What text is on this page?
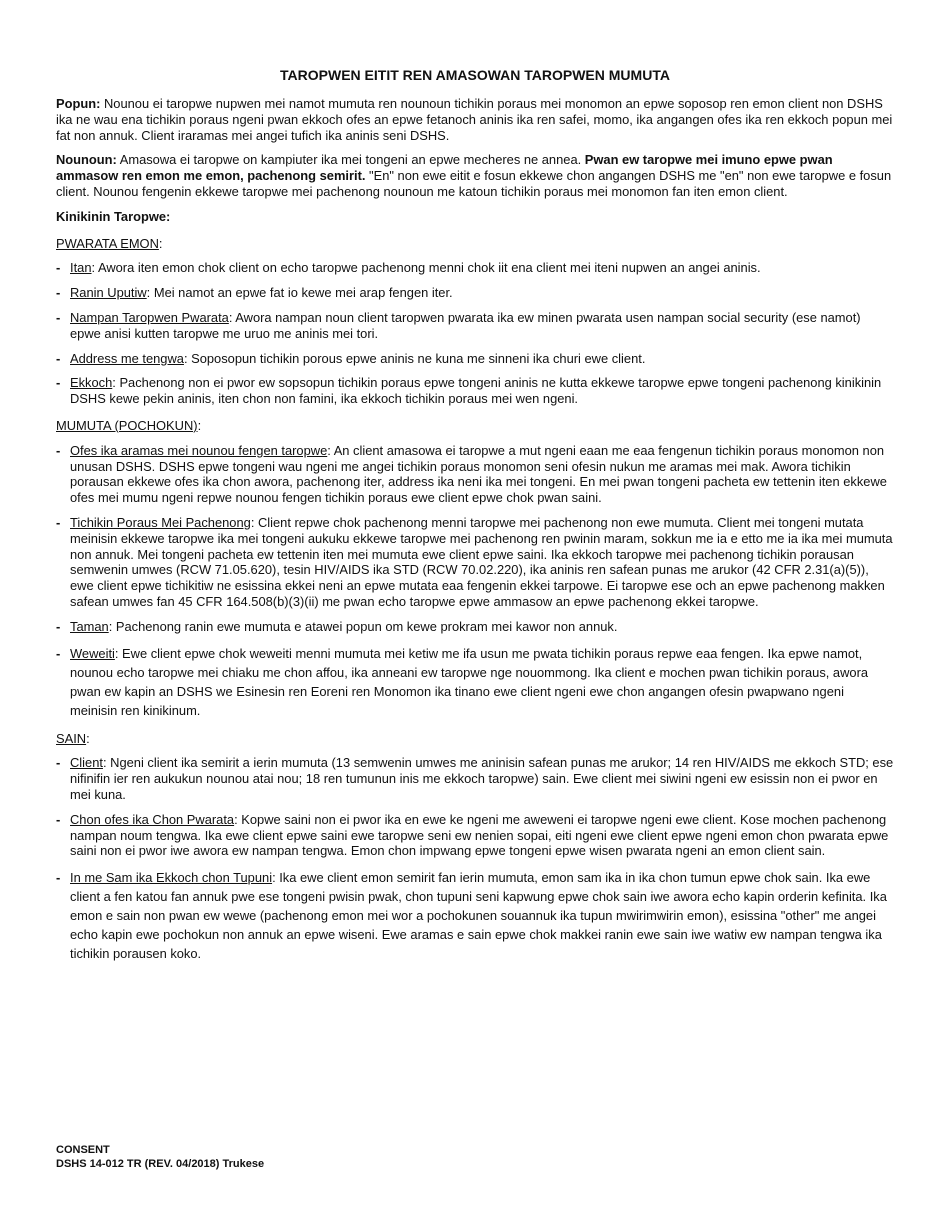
TAROPWEN EITIT REN AMASOWAN TAROPWEN MUMUTA

Popun: Nounou ei taropwe nupwen mei namot mumuta ren nounoun tichikin poraus mei monomon an epwe soposop ren emon client non DSHS ika ne wau ena tichikin poraus ngeni pwan ekkoch ofes an epwe fetanoch aninis ika ren safei, momo, ika angangen ofes ika ren ekkoch popun mei fat non annuk. Client iraramas mei angei tufich ika aninis seni DSHS.

Nounoun: Amasowa ei taropwe on kampiuter ika mei tongeni an epwe mecheres ne annea. Pwan ew taropwe mei imuno epwe pwan ammasow ren emon me emon, pachenong semirit. "En" non ewe eitit e fosun ekkewe chon angangen DSHS me "en" non ewe taropwe e fosun client. Nounou fengenin ekkewe taropwe mei pachenong nounoun me katoun tichikin poraus mei monomon fan iten emon client.

Kinikinin Taropwe:

PWARATA EMON:
- Itan: Awora iten emon chok client on echo taropwe pachenong menni chok iit ena client mei iteni nupwen an angei aninis.
- Ranin Uputiw: Mei namot an epwe fat io kewe mei arap fengen iter.
- Nampan Taropwen Pwarata: Awora nampan noun client taropwen pwarata ika ew minen pwarata usen nampan social security (ese namot) epwe anisi kutten taropwe me uruo me aninis mei tori.
- Address me tengwa: Soposopun tichikin porous epwe aninis ne kuna me sinneni ika churi ewe client.
- Ekkoch: Pachenong non ei pwor ew sopsopun tichikin poraus epwe tongeni aninis ne kutta ekkewe taropwe epwe tongeni pachenong kinikinin DSHS kewe pekin aninis, iten chon non famini, ika ekkoch tichikin poraus mei wen ngeni.
MUMUTA (POCHOKUN):
- Ofes ika aramas mei nounou fengen taropwe: An client amasowa ei taropwe a mut ngeni eaan me eaa fengenun tichikin poraus monomon non unusan DSHS. DSHS epwe tongeni wau ngeni me angei tichikin poraus monomon seni ofesin nukun me aramas mei mak. Awora tichikin porausan ekkewe ofes ika chon awora, pachenong iter, address ika neni ika mei tongeni. En mei pwan tongeni pacheta ew tettenin iten ekkewe ofes mei mumu ngeni repwe nounou fengen tichikin poraus ewe client epwe chok pwan saini.
- Tichikin Poraus Mei Pachenong: Client repwe chok pachenong menni taropwe mei pachenong non ewe mumuta. Client mei tongeni mutata meinisin ekkewe taropwe ika mei tongeni aukuku ekkewe taropwe mei pachenong ren pwinin maram, sokkun me ia e etto me ia ika mei mumuta non annuk. Mei tongeni pacheta ew tettenin iten mei mumuta ewe client epwe saini. Ika ekkoch taropwe mei pachenong tichikin porausan semwenin umwes (RCW 71.05.620), tesin HIV/AIDS ika STD (RCW 70.02.220), ika aninis ren safean punas me arukor (42 CFR 2.31(a)(5)), ewe client epwe tichikitiw ne esissina ekkei neni an epwe mutata eaa fengenin ekkei tarpowe. Ei taropwe ese och an epwe pachenong makken safean umwes fan 45 CFR 164.508(b)(3)(ii) me pwan echo taropwe epwe ammasow an epwe pachenong ekkei taropwe.
- Taman: Pachenong ranin ewe mumuta e atawei popun om kewe prokram mei kawor non annuk.
- Weweiti: Ewe client epwe chok weweiti menni mumuta mei ketiw me ifa usun me pwata tichikin poraus repwe eaa fengen. Ika epwe namot, nounou echo taropwe mei chiaku me chon affou, ika anneani ew taropwe nge nouommong. Ika client e mochen pwan tichikin poraus, awora pwan ew kapin an DSHS we Esinesin ren Eoreni ren Monomon ika tinano ewe client ngeni ewe chon angangen ofesin pwapwano ngeni meinisin ren kinikinum.
SAIN:
- Client: Ngeni client ika semirit a ierin mumuta (13 semwenin umwes me aninisin safean punas me arukor; 14 ren HIV/AIDS me ekkoch STD; ese nifinifin ier ren aukukun nounou atai nou; 18 ren tumunun inis me ekkoch taropwe) sain. Ewe client mei siwini ngeni ew esissin non ei pwor en mei kuna.
- Chon ofes ika Chon Pwarata: Kopwe saini non ei pwor ika en ewe ke ngeni me aweweni ei taropwe ngeni ewe client. Kose mochen pachenong nampan noum tengwa. Ika ewe client epwe saini ewe taropwe seni ew nenien sopai, eiti ngeni ewe client epwe ngeni emon chon pwarata epwe saini non ei pwor iwe awora ew nampan tengwa. Emon chon impwang epwe tongeni epwe wisen pwarata ngeni an emon client sain.
- In me Sam ika Ekkoch chon Tupuni: Ika ewe client emon semirit fan ierin mumuta, emon sam ika in ika chon tumun epwe chok sain. Ika ewe client a fen katou fan annuk pwe ese tongeni pwisin pwak, chon tupuni seni kapwung epwe chok sain iwe awora echo kapin orderin kefinita. Ika emon e sain non pwan ew wewe (pachenong emon mei wor a pochokunen souannuk ika tupun mwirimwirin emon), esissina "other" me angei echo kapin ewe pochokun non annuk an epwe wiseni. Ewe aramas e sain epwe chok makkei ranin ewe sain iwe watiw ew nampan tengwa ika tichikin porausen koko.
CONSENT
DSHS 14-012 TR (REV. 04/2018) Trukese
